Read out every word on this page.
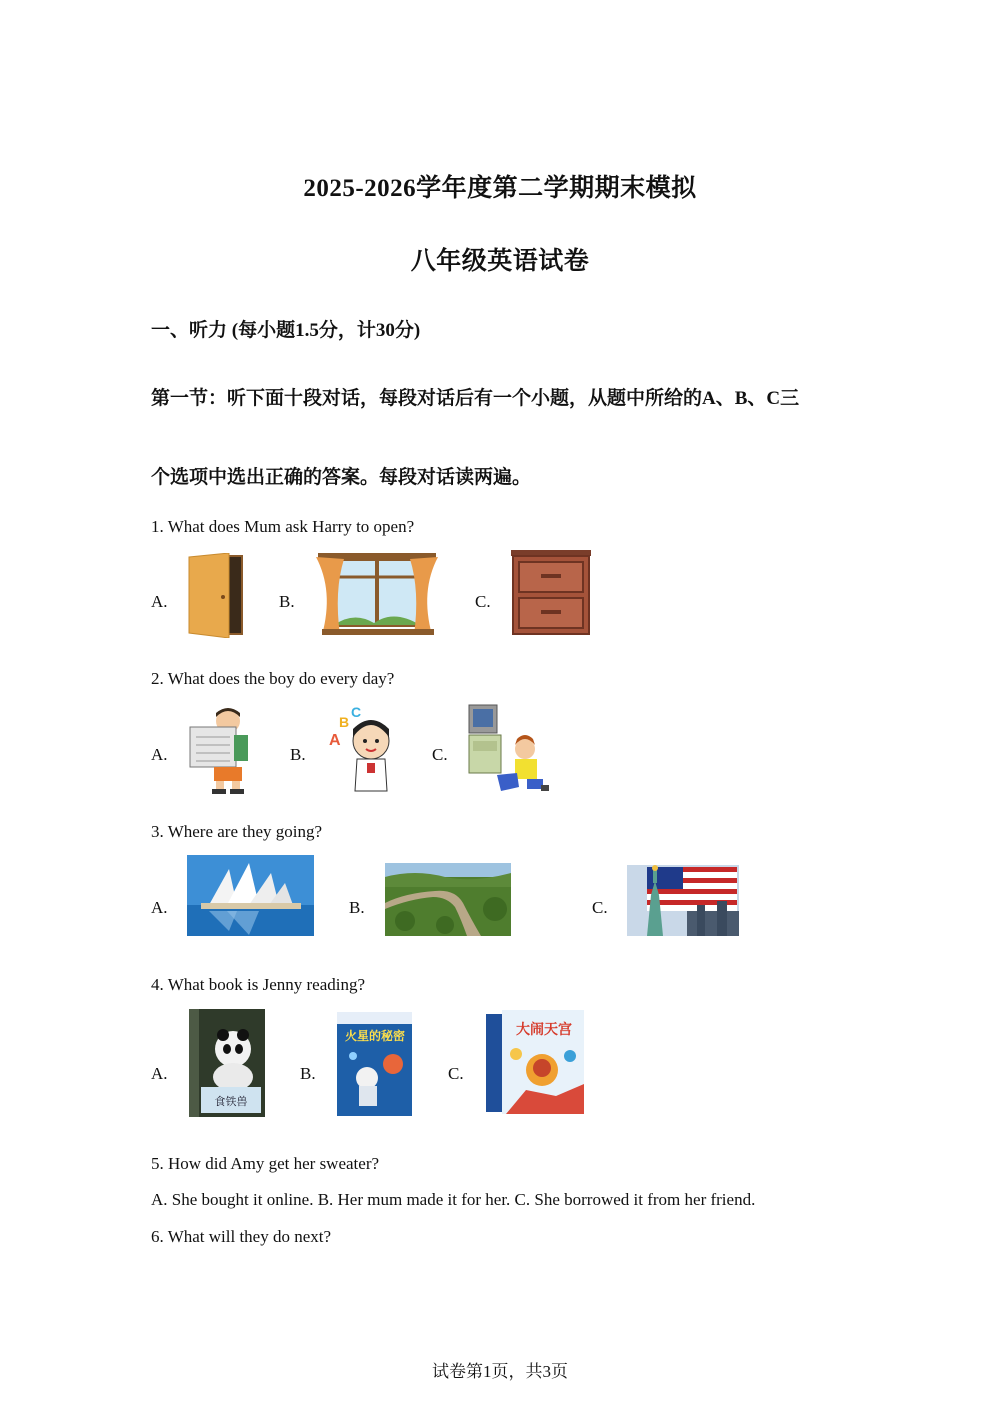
2025-2026学年度第二学期期末模拟
八年级英语试卷
一、听力 (每小题1.5分，计30分)
第一节：听下面十段对话，每段对话后有一个小题，从题中所给的A、B、C三
个选项中选出正确的答案。每段对话读两遍。
1. What does Mum ask Harry to open?
A.	B.	C.
2. What does the boy do every day?
A.	B.
A
B
C
C.
3. Where are they going?
A.	B.	C.
4. What book is Jenny reading?
A.
食铁兽
B.
火星的秘密
C.
大闹天宫
5. How did Amy get her sweater?
A. She bought it online. B. Her mum made it for her. C. She borrowed it from her friend.
6. What will they do next?
试卷第1页，共3页
